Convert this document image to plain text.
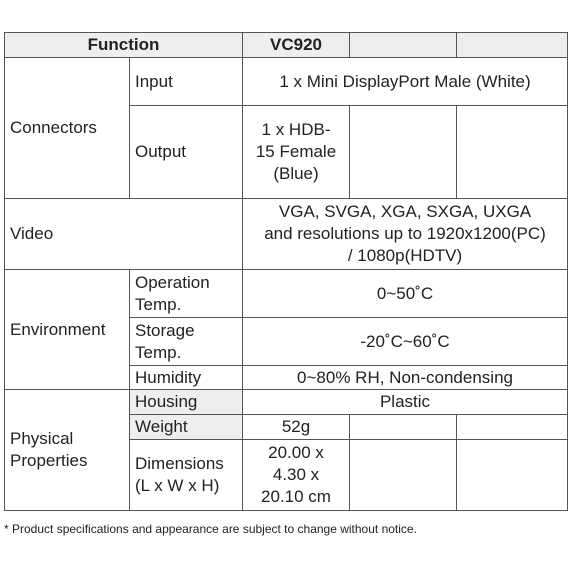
Function		VC920		
Connectors	Input	1 x Mini DisplayPort Male (White)		
	Output	1 x HDB-
15 Female
(Blue)		
Video		VGA, SVGA, XGA, SXGA, UXGA
and resolutions up to 1920x1200(PC)
/ 1080p(HDTV)		
Environment	Operation
Temp.	0~50˚C		
	Storage
Temp.	-20˚C~60˚C		
	Humidity	0~80% RH, Non-condensing		
Physical
Properties	Housing	Plastic		
	Weight	52g		
	Dimensions
(L x W x H)	20.00 x
4.30 x
20.10 cm		
* Product specifications and appearance are subject to change without notice.
